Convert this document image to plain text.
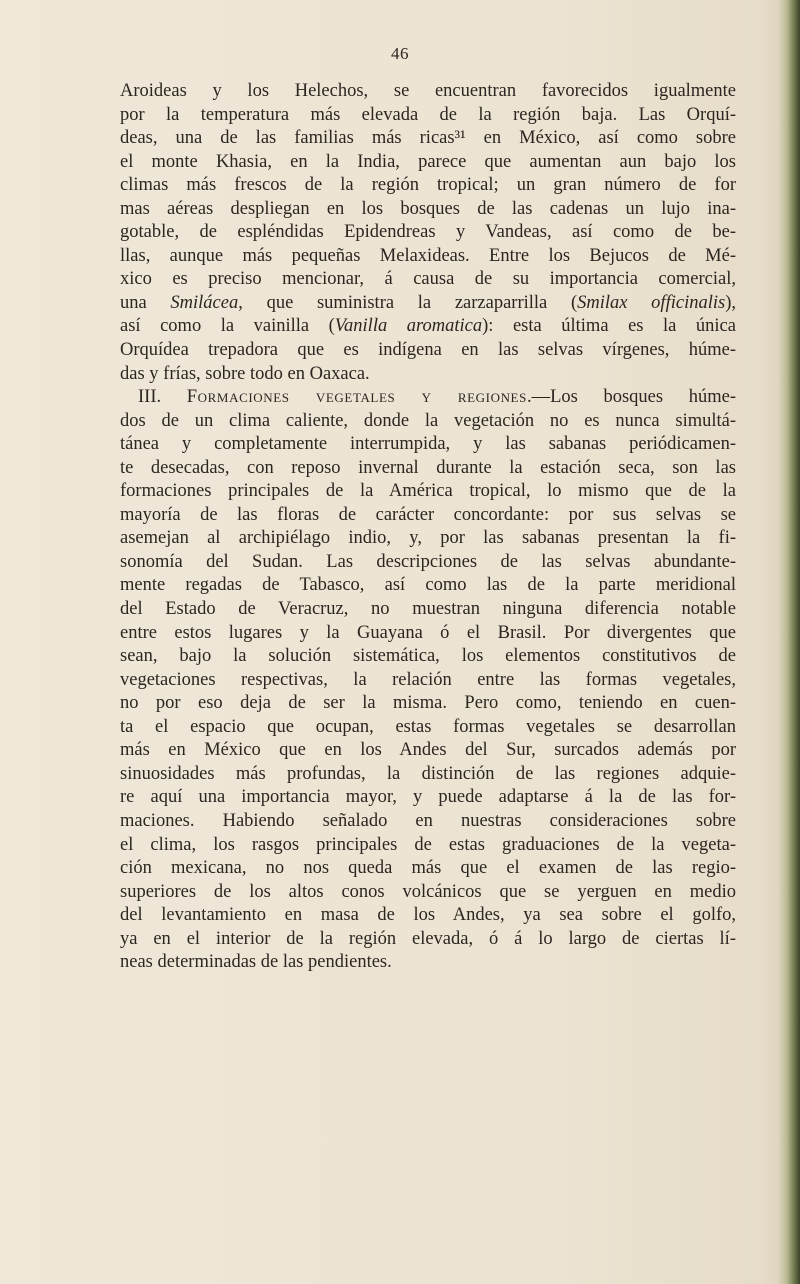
46
Aroideas y los Helechos, se encuentran favorecidos igualmente
por la temperatura más elevada de la región baja. Las Orquí-
deas, una de las familias más ricas³¹ en México, así como sobre
el monte Khasia, en la India, parece que aumentan aun bajo los
climas más frescos de la región tropical; un gran número de for
mas aéreas despliegan en los bosques de las cadenas un lujo ina-
gotable, de espléndidas Epidendreas y Vandeas, así como de be-
llas, aunque más pequeñas Melaxideas. Entre los Bejucos de Mé-
xico es preciso mencionar, á causa de su importancia comercial,
una Smilácea, que suministra la zarzaparrilla (Smilax officinalis),
así como la vainilla (Vanilla aromatica): esta última es la única
Orquídea trepadora que es indígena en las selvas vírgenes, húme-
das y frías, sobre todo en Oaxaca.
III. Formaciones vegetales y regiones.—Los bosques húme-
dos de un clima caliente, donde la vegetación no es nunca simultá-
tánea y completamente interrumpida, y las sabanas periódicamen-
te desecadas, con reposo invernal durante la estación seca, son las
formaciones principales de la América tropical, lo mismo que de la
mayoría de las floras de carácter concordante: por sus selvas se
asemejan al archipiélago indio, y, por las sabanas presentan la fi-
sonomía del Sudan. Las descripciones de las selvas abundante-
mente regadas de Tabasco, así como las de la parte meridional
del Estado de Veracruz, no muestran ninguna diferencia notable
entre estos lugares y la Guayana ó el Brasil. Por divergentes que
sean, bajo la solución sistemática, los elementos constitutivos de
vegetaciones respectivas, la relación entre las formas vegetales,
no por eso deja de ser la misma. Pero como, teniendo en cuen-
ta el espacio que ocupan, estas formas vegetales se desarrollan
más en México que en los Andes del Sur, surcados además por
sinuosidades más profundas, la distinción de las regiones adquie-
re aquí una importancia mayor, y puede adaptarse á la de las for-
maciones. Habiendo señalado en nuestras consideraciones sobre
el clima, los rasgos principales de estas graduaciones de la vegeta-
ción mexicana, no nos queda más que el examen de las regio-
superiores de los altos conos volcánicos que se yerguen en medio
del levantamiento en masa de los Andes, ya sea sobre el golfo,
ya en el interior de la región elevada, ó á lo largo de ciertas lí-
neas determinadas de las pendientes.
